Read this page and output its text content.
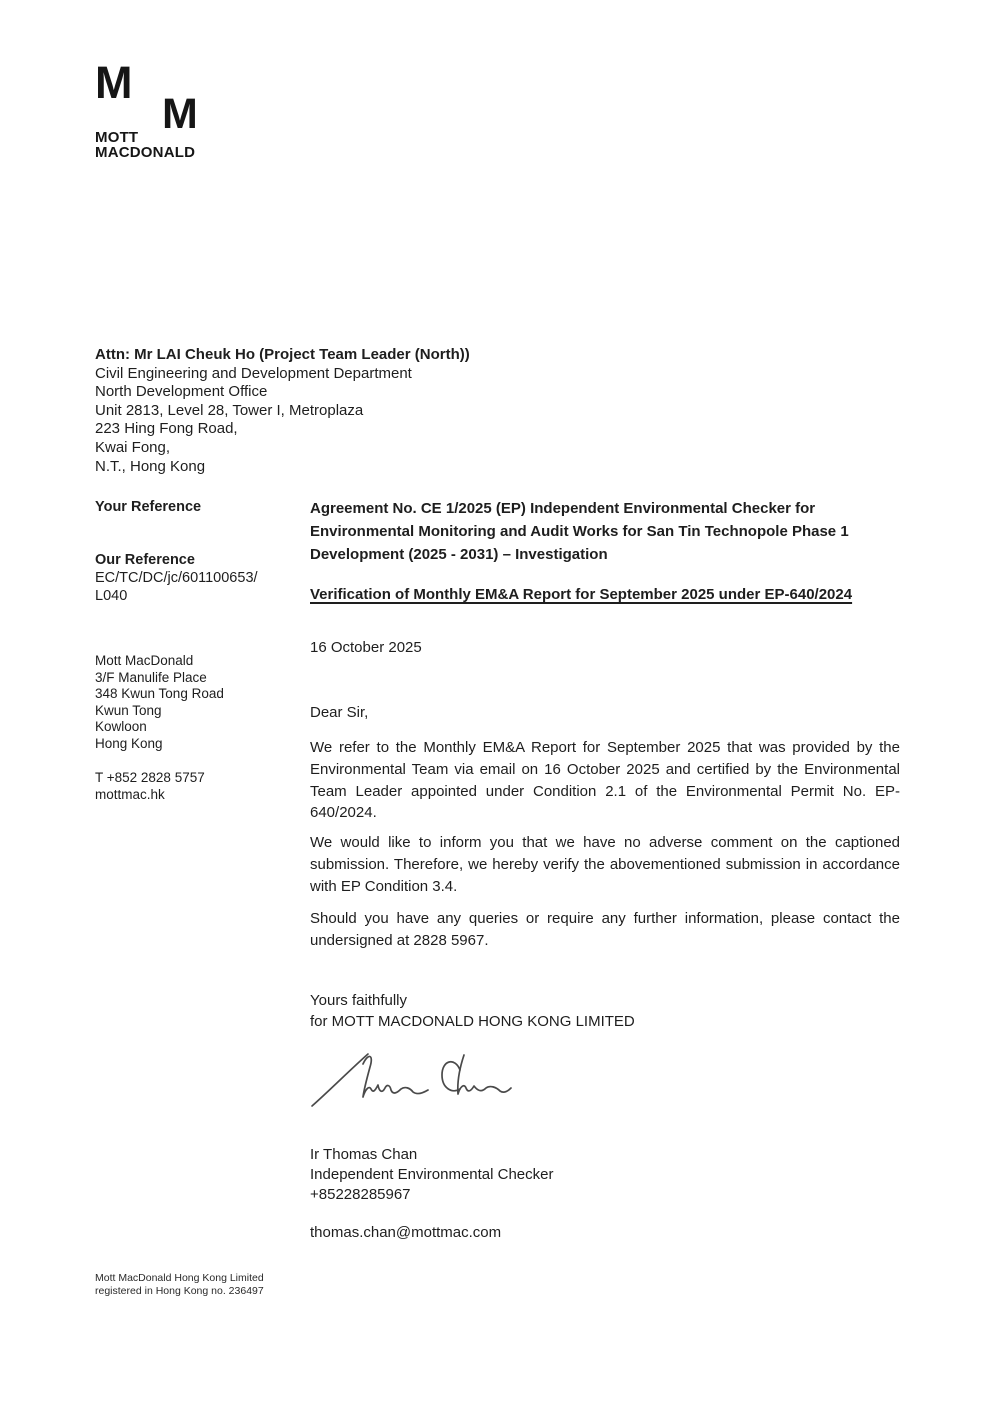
M
M
MOTT
MACDONALD
Attn: Mr LAI Cheuk Ho (Project Team Leader (North))
Civil Engineering and Development Department
North Development Office
Unit 2813, Level 28, Tower I, Metroplaza
223 Hing Fong Road,
Kwai Fong,
N.T., Hong Kong
Your Reference
Our Reference
EC/TC/DC/jc/601100653/
L040
Mott MacDonald
3/F Manulife Place
348 Kwun Tong Road
Kwun Tong
Kowloon
Hong Kong
T +852 2828 5757
mottmac.hk
Agreement No. CE 1/2025 (EP) Independent Environmental Checker for Environmental Monitoring and Audit Works for San Tin Technopole Phase 1 Development (2025 - 2031) – Investigation
Verification of Monthly EM&A Report for September 2025 under EP-640/2024
16 October 2025
Dear Sir,
We refer to the Monthly EM&A Report for September 2025 that was provided by the Environmental Team via email on 16 October 2025 and certified by the Environmental Team Leader appointed under Condition 2.1 of the Environmental Permit No. EP-640/2024.
We would like to inform you that we have no adverse comment on the captioned submission. Therefore, we hereby verify the abovementioned submission in accordance with EP Condition 3.4.
Should you have any queries or require any further information, please contact the undersigned at 2828 5967.
Yours faithfully
for MOTT MACDONALD HONG KONG LIMITED
Ir Thomas Chan
Independent Environmental Checker
+85228285967
thomas.chan@mottmac.com
Mott MacDonald Hong Kong Limited
registered in Hong Kong no. 236497
